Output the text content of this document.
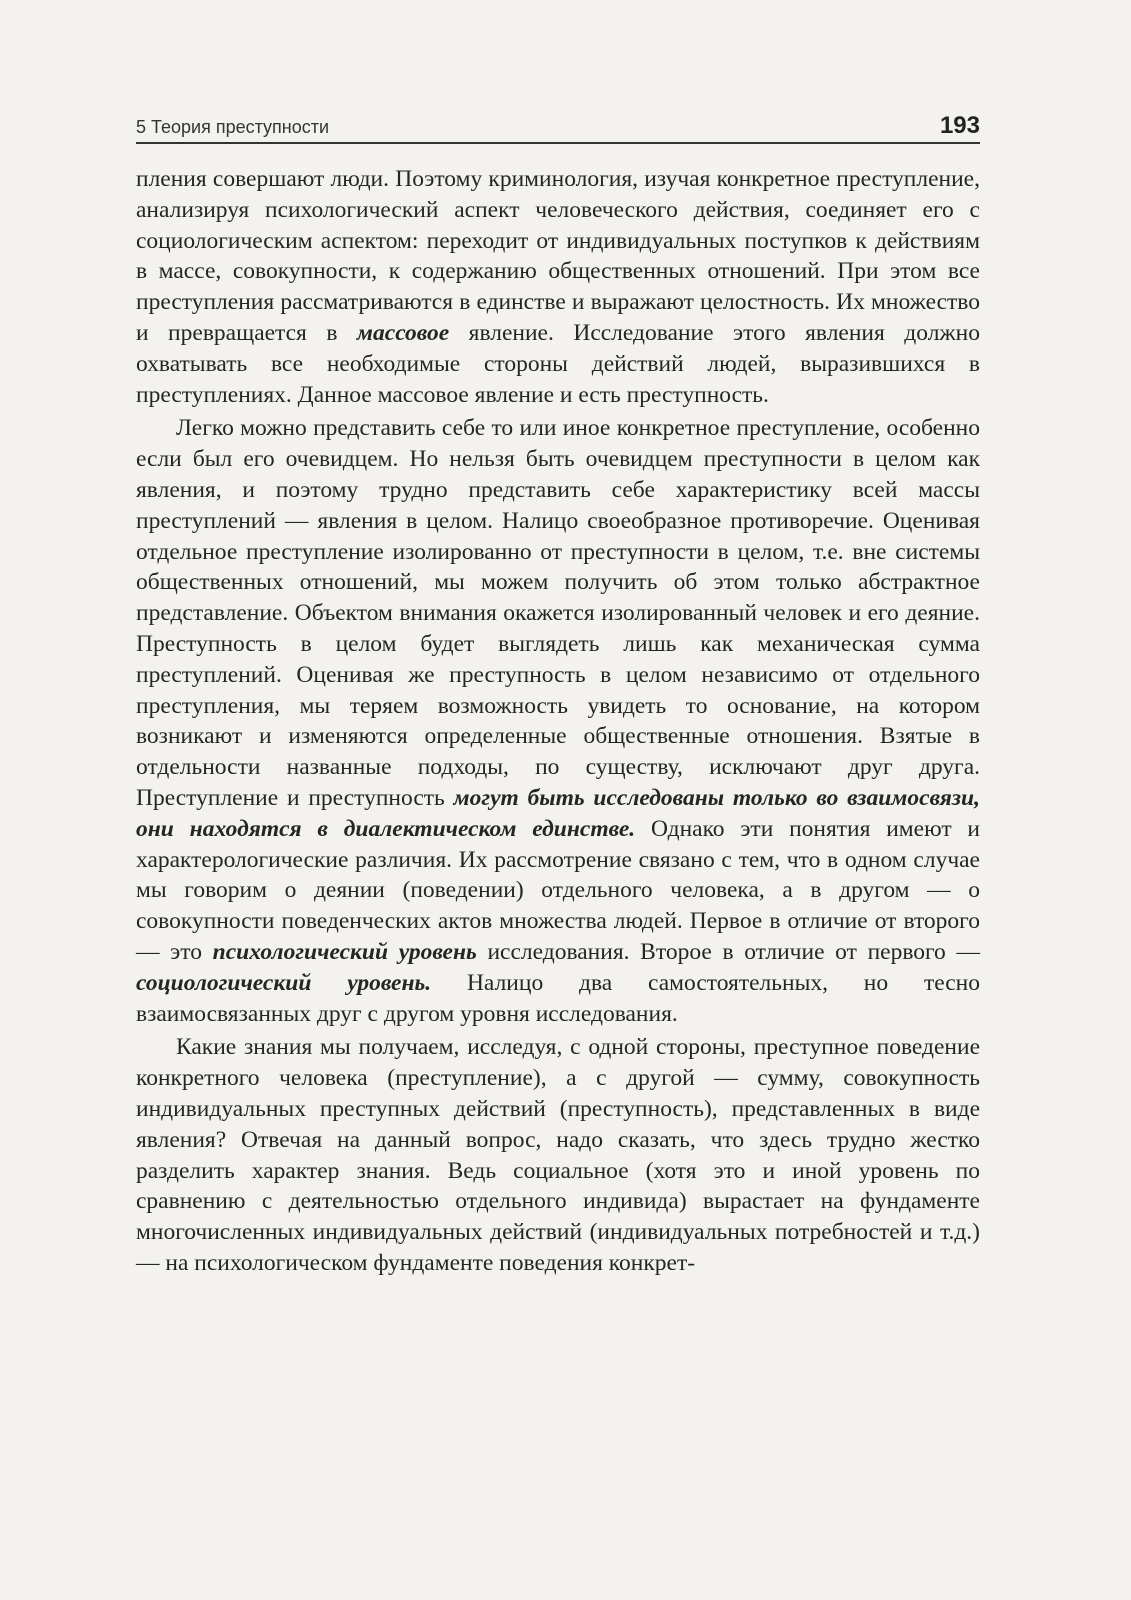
5 Теория преступности	193

пления совершают люди. Поэтому криминология, изучая конкретное преступление, анализируя психологический аспект человеческого действия, соединяет его с социологическим аспектом: переходит от индивидуальных поступков к действиям в массе, совокупности, к содержанию общественных отношений. При этом все преступления рассматриваются в единстве и выражают целостность. Их множество и превращается в массовое явление. Исследование этого явления должно охватывать все необходимые стороны действий людей, выразившихся в преступлениях. Данное массовое явление и есть преступность.

Легко можно представить себе то или иное конкретное преступление, особенно если был его очевидцем. Но нельзя быть очевидцем преступности в целом как явления, и поэтому трудно представить себе характеристику всей массы преступлений — явления в целом. Налицо своеобразное противоречие. Оценивая отдельное преступление изолированно от преступности в целом, т.е. вне системы общественных отношений, мы можем получить об этом только абстрактное представление. Объектом внимания окажется изолированный человек и его деяние. Преступность в целом будет выглядеть лишь как механическая сумма преступлений. Оценивая же преступность в целом независимо от отдельного преступления, мы теряем возможность увидеть то основание, на котором возникают и изменяются определенные общественные отношения. Взятые в отдельности названные подходы, по существу, исключают друг друга. Преступление и преступность могут быть исследованы только во взаимосвязи, они находятся в диалектическом единстве. Однако эти понятия имеют и характерологические различия. Их рассмотрение связано с тем, что в одном случае мы говорим о деянии (поведении) отдельного человека, а в другом — о совокупности поведенческих актов множества людей. Первое в отличие от второго — это психологический уровень исследования. Второе в отличие от первого — социологический уровень. Налицо два самостоятельных, но тесно взаимосвязанных друг с другом уровня исследования.

Какие знания мы получаем, исследуя, с одной стороны, преступное поведение конкретного человека (преступление), а с другой — сумму, совокупность индивидуальных преступных действий (преступность), представленных в виде явления? Отвечая на данный вопрос, надо сказать, что здесь трудно жестко разделить характер знания. Ведь социальное (хотя это и иной уровень по сравнению с деятельностью отдельного индивида) вырастает на фундаменте многочисленных индивидуальных действий (индивидуальных потребностей и т.д.) — на психологическом фундаменте поведения конкрет-
